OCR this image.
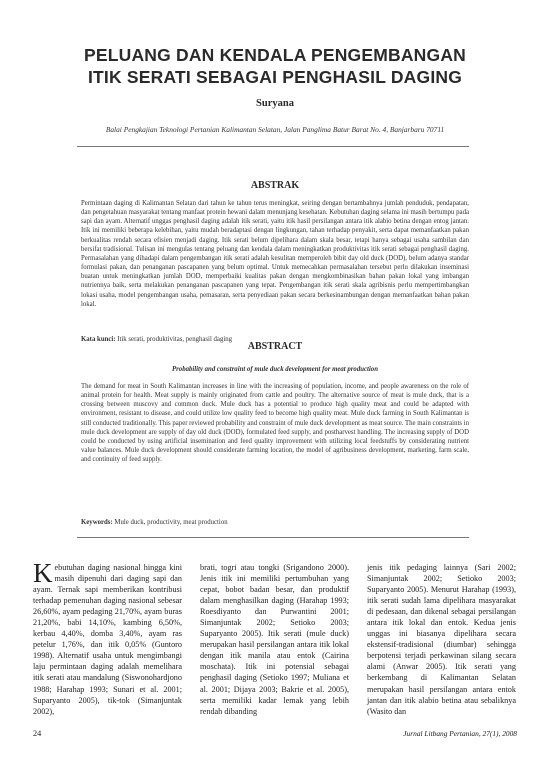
PELUANG DAN KENDALA PENGEMBANGAN
ITIK SERATI SEBAGAI PENGHASIL DAGING
Suryana
Balai Pengkajian Teknologi Pertanian Kalimantan Selatan, Jalan Panglima Batur Barat No. 4, Banjarbaru 70711
ABSTRAK
Permintaan daging di Kalimantan Selatan dari tahun ke tahun terus meningkat, seiring dengan bertambahnya jumlah penduduk, pendapatan, dan pengetahuan masyarakat tentang manfaat protein hewani dalam menunjang kesehatan. Kebutuhan daging selama ini masih bertumpu pada sapi dan ayam. Alternatif unggas penghasil daging adalah itik serati, yaitu itik hasil persilangan antara itik alabio betina dengan entog jantan. Itik ini memiliki beberapa kelebihan, yaitu mudah beradaptasi dengan lingkungan, tahan terhadap penyakit, serta dapat memanfaatkan pakan berkualitas rendah secara efisien menjadi daging. Itik serati belum dipelihara dalam skala besar, tetapi hanya sebagai usaha sambilan dan bersifat tradisional. Tulisan ini mengulas tentang peluang dan kendala dalam meningkatkan produktivitas itik serati sebagai penghasil daging. Permasalahan yang dihadapi dalam pengembangan itik serati adalah kesulitan memperoleh bibit day old duck (DOD), belum adanya standar formulasi pakan, dan penanganan pascapanen yang belum optimal. Untuk memecahkan permasalahan tersebut perlu dilakukan inseminasi buatan untuk meningkatkan jumlah DOD, memperbaiki kualitas pakan dengan mengkombinasikan bahan pakan lokal yang imbangan nutriennya baik, serta melakukan penanganan pascapanen yang tepat. Pengembangan itik serati skala agribisnis perlu mempertimbangkan lokasi usaha, model pengembangan usaha, pemasaran, serta penyediaan pakan secara berkesinambungan dengan memanfaatkan bahan pakan lokal.
Kata kunci: Itik serati, produktivitas, penghasil daging
ABSTRACT
Probability and constraint of mule duck development for meat production
The demand for meat in South Kalimantan increases in line with the increasing of population, income, and people awareness on the role of animal protein for health. Meat supply is mainly originated from cattle and poultry. The alternative source of meat is mule duck, that is a crossing between muscovy and common duck. Mule duck has a potential to produce high quality meat and could be adapted with environment, resistant to disease, and could utilize low quality feed to become high quality meat. Mule duck farming in South Kalimantan is still conducted traditionally. This paper reviewed probability and constraint of mule duck development as meat source. The main constraints in mule duck development are supply of day old duck (DOD), formulated feed supply, and postharvest handling. The increasing supply of DOD could be conducted by using artificial insemination and feed quality improvement with utilizing local feedstuffs by considerating nutrient value balances. Mule duck development should considerate farming location, the model of agribusiness development, marketing, farm scale, and continuity of feed supply.
Keywords: Mule duck, productivity, meat production
Kebutuhan daging nasional hingga kini masih dipenuhi dari daging sapi dan ayam. Ternak sapi memberikan kontribusi terhadap pemenuhan daging nasional sebesar 26,60%, ayam pedaging 21,70%, ayam buras 21,20%, babi 14,10%, kambing 6,50%, kerbau 4,40%, domba 3,40%, ayam ras petelur 1,76%, dan itik 0,05% (Guntoro 1998). Alternatif usaha untuk mengimbangi laju permintaan daging adalah memelihara itik serati atau mandalung (Siswonohardjono 1988; Harahap 1993; Sunari et al. 2001; Suparyanto 2005), tik-tok (Simanjuntak 2002),
brati, togri atau tongki (Srigandono 2000). Jenis itik ini memiliki pertumbuhan yang cepat, bobot badan besar, dan produktif dalam menghasilkan daging (Harahap 1993; Roesdiyanto dan Purwantini 2001; Simanjuntak 2002; Setioko 2003; Suparyanto 2005). Itik serati (mule duck) merupakan hasil persilangan antara itik lokal dengan itik manila atau entok (Cairina moschata). Itik ini potensial sebagai penghasil daging (Setioko 1997; Muliana et al. 2001; Dijaya 2003; Bakrie et al. 2005), serta memiliki kadar lemak yang lebih rendah dibanding
jenis itik pedaging lainnya (Sari 2002; Simanjuntak 2002; Setioko 2003; Suparyanto 2005). Menurut Harahap (1993), itik serati sudah lama dipelihara masyarakat di pedesaan, dan dikenal sebagai persilangan antara itik lokal dan entok. Kedua jenis unggas ini biasanya dipelihara secara ekstensif-tradisional (diumbar) sehingga berpotensi terjadi perkawinan silang secara alami (Anwar 2005). Itik serati yang berkembang di Kalimantan Selatan merupakan hasil persilangan antara entok jantan dan itik alabio betina atau sebaliknya (Wasito dan
24	Jurnal Litbang Pertanian, 27(1), 2008
